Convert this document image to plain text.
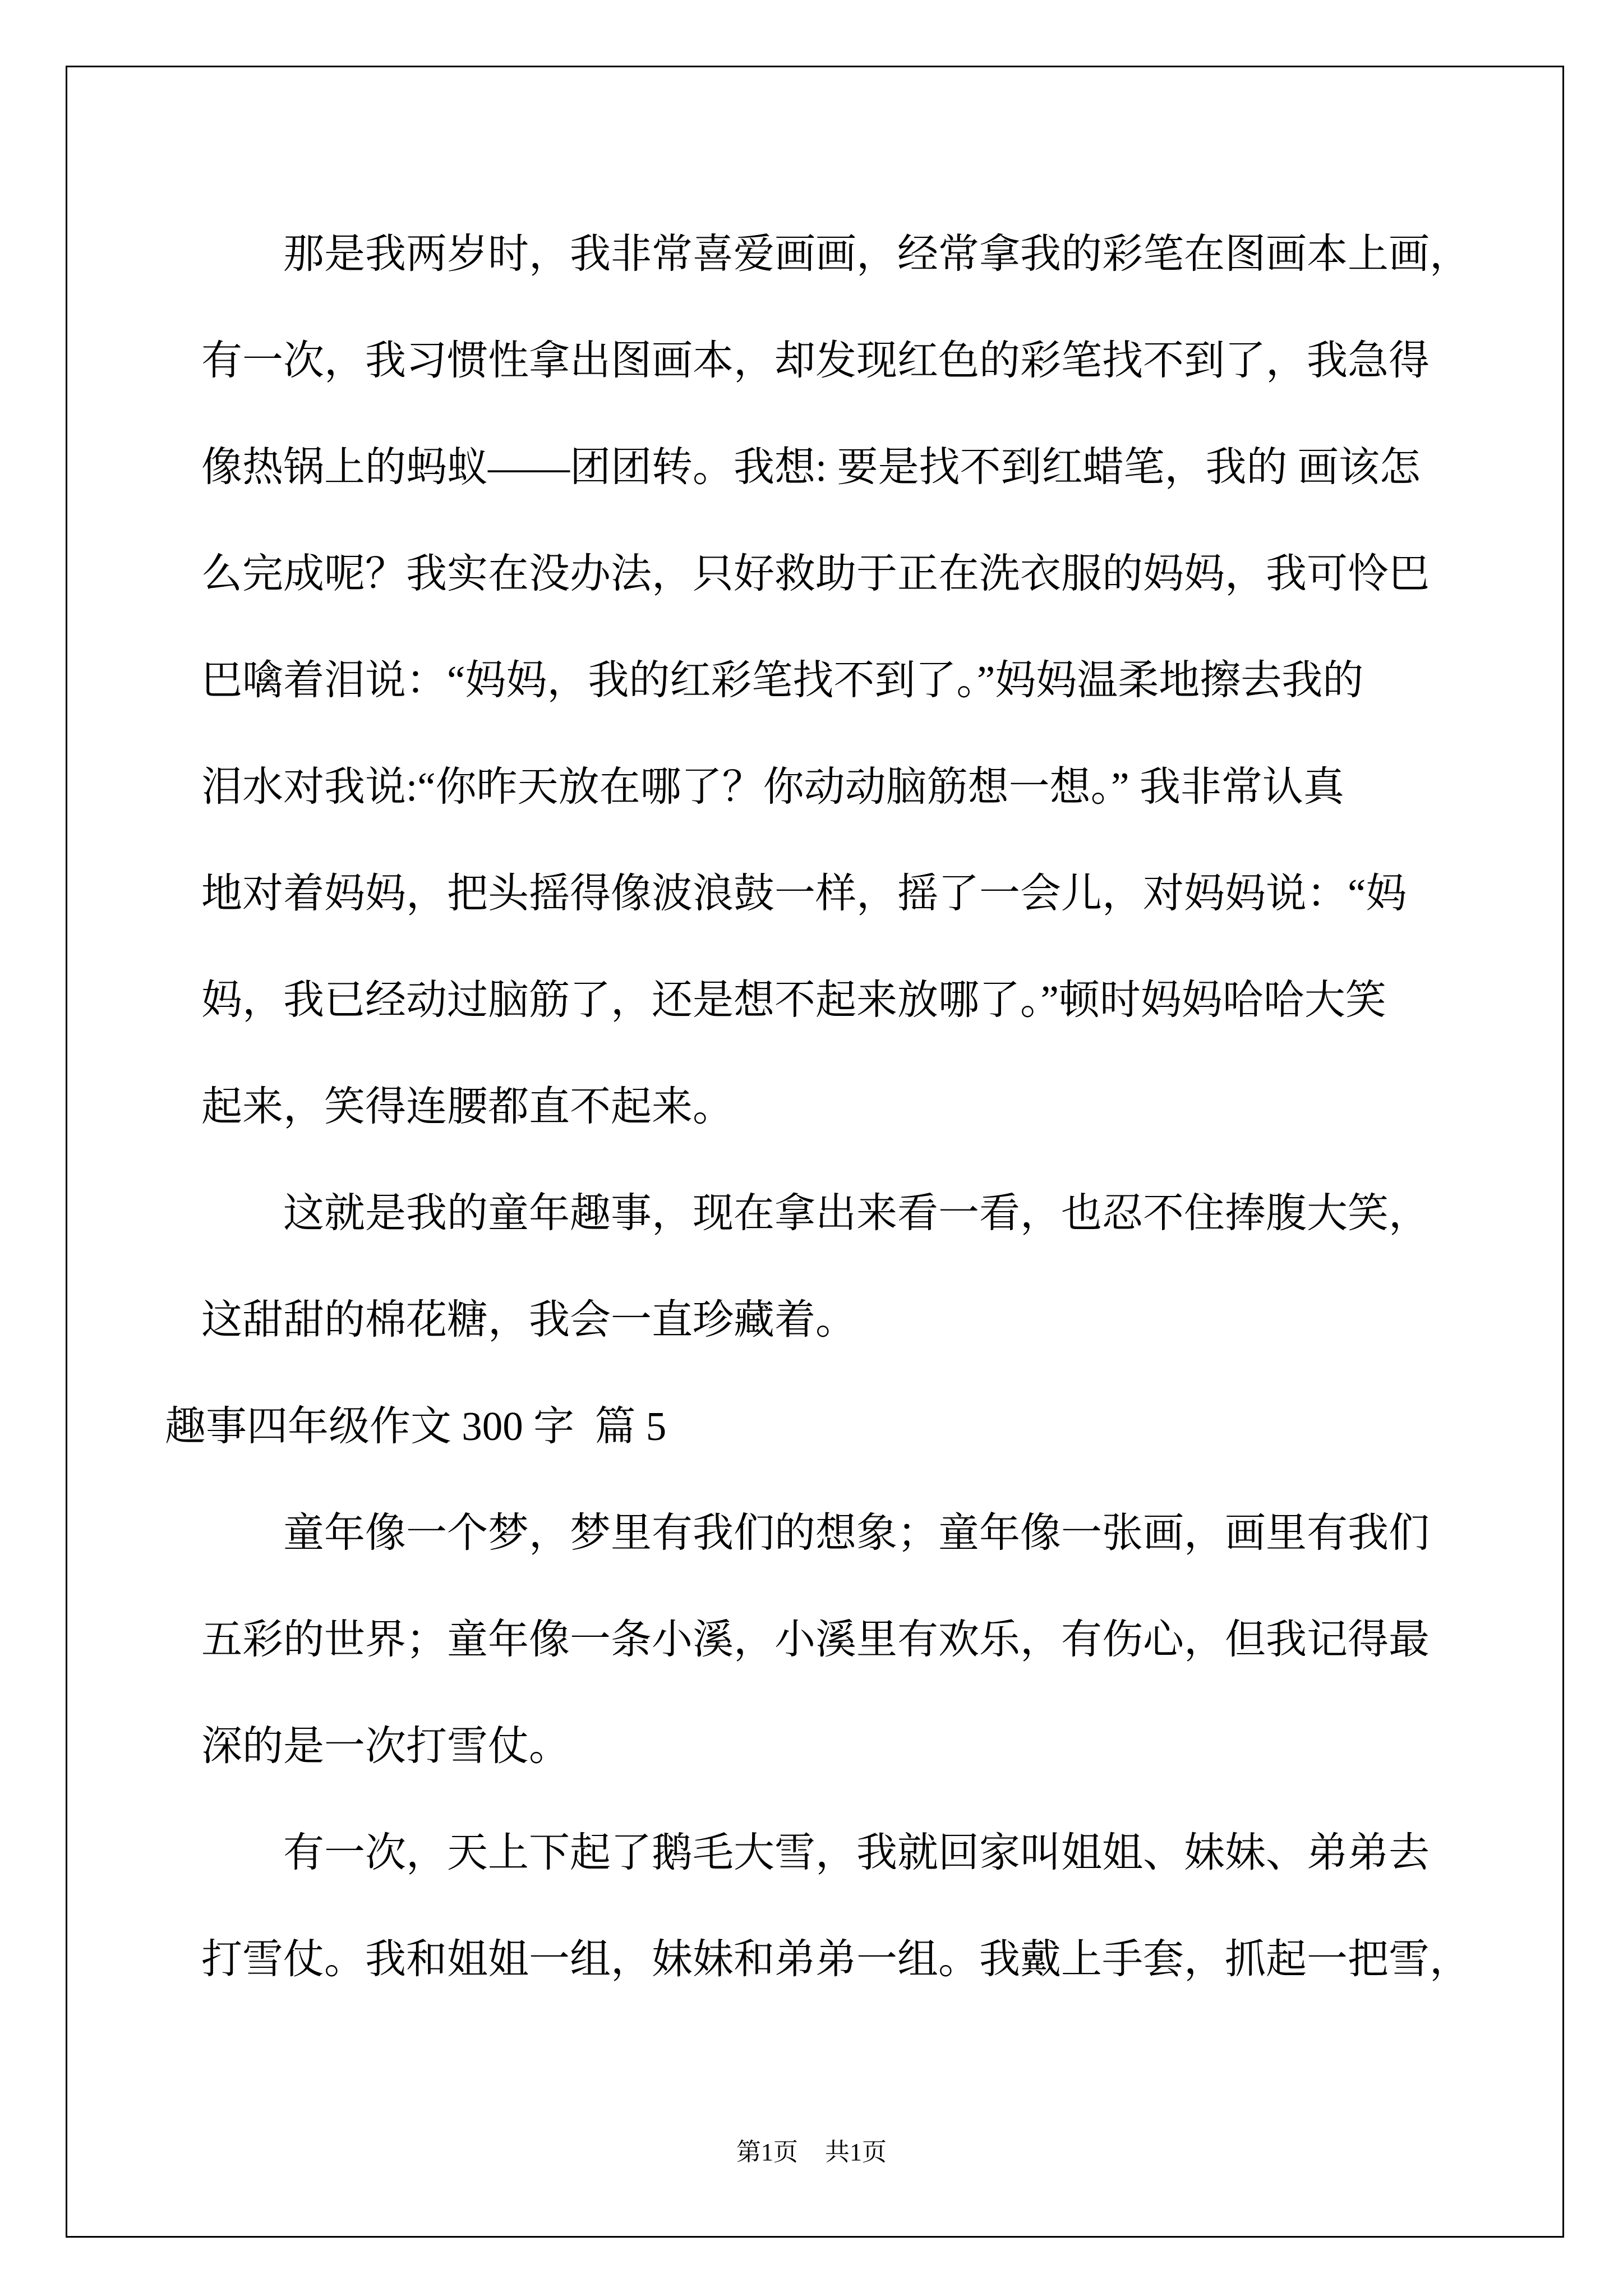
那是我两岁时，我非常喜爱画画，经常拿我的彩笔在图画本上画，
有一次，我习惯性拿出图画本，却发现红色的彩笔找不到了，我急得
像热锅上的蚂蚁——团团转。我想: 要是找不到红蜡笔，我的 画该怎
么完成呢？我实在没办法，只好救助于正在洗衣服的妈妈，我可怜巴
巴噙着泪说：“妈妈，我的红彩笔找不到了。”妈妈温柔地擦去我的
泪水对我说:“你昨天放在哪了？你动动脑筋想一想。” 我非常认真
地对着妈妈，把头摇得像波浪鼓一样，摇了一会儿，对妈妈说：“妈
妈，我已经动过脑筋了，还是想不起来放哪了。”顿时妈妈哈哈大笑
起来，笑得连腰都直不起来。
这就是我的童年趣事，现在拿出来看一看，也忍不住捧腹大笑，
这甜甜的棉花糖，我会一直珍藏着。
趣事四年级作文 300 字  篇 5
童年像一个梦，梦里有我们的想象；童年像一张画，画里有我们
五彩的世界；童年像一条小溪，小溪里有欢乐，有伤心，但我记得最
深的是一次打雪仗。
有一次，天上下起了鹅毛大雪，我就回家叫姐姐、妹妹、弟弟去
打雪仗。我和姐姐一组，妹妹和弟弟一组。我戴上手套，抓起一把雪，
第1页 共1页
